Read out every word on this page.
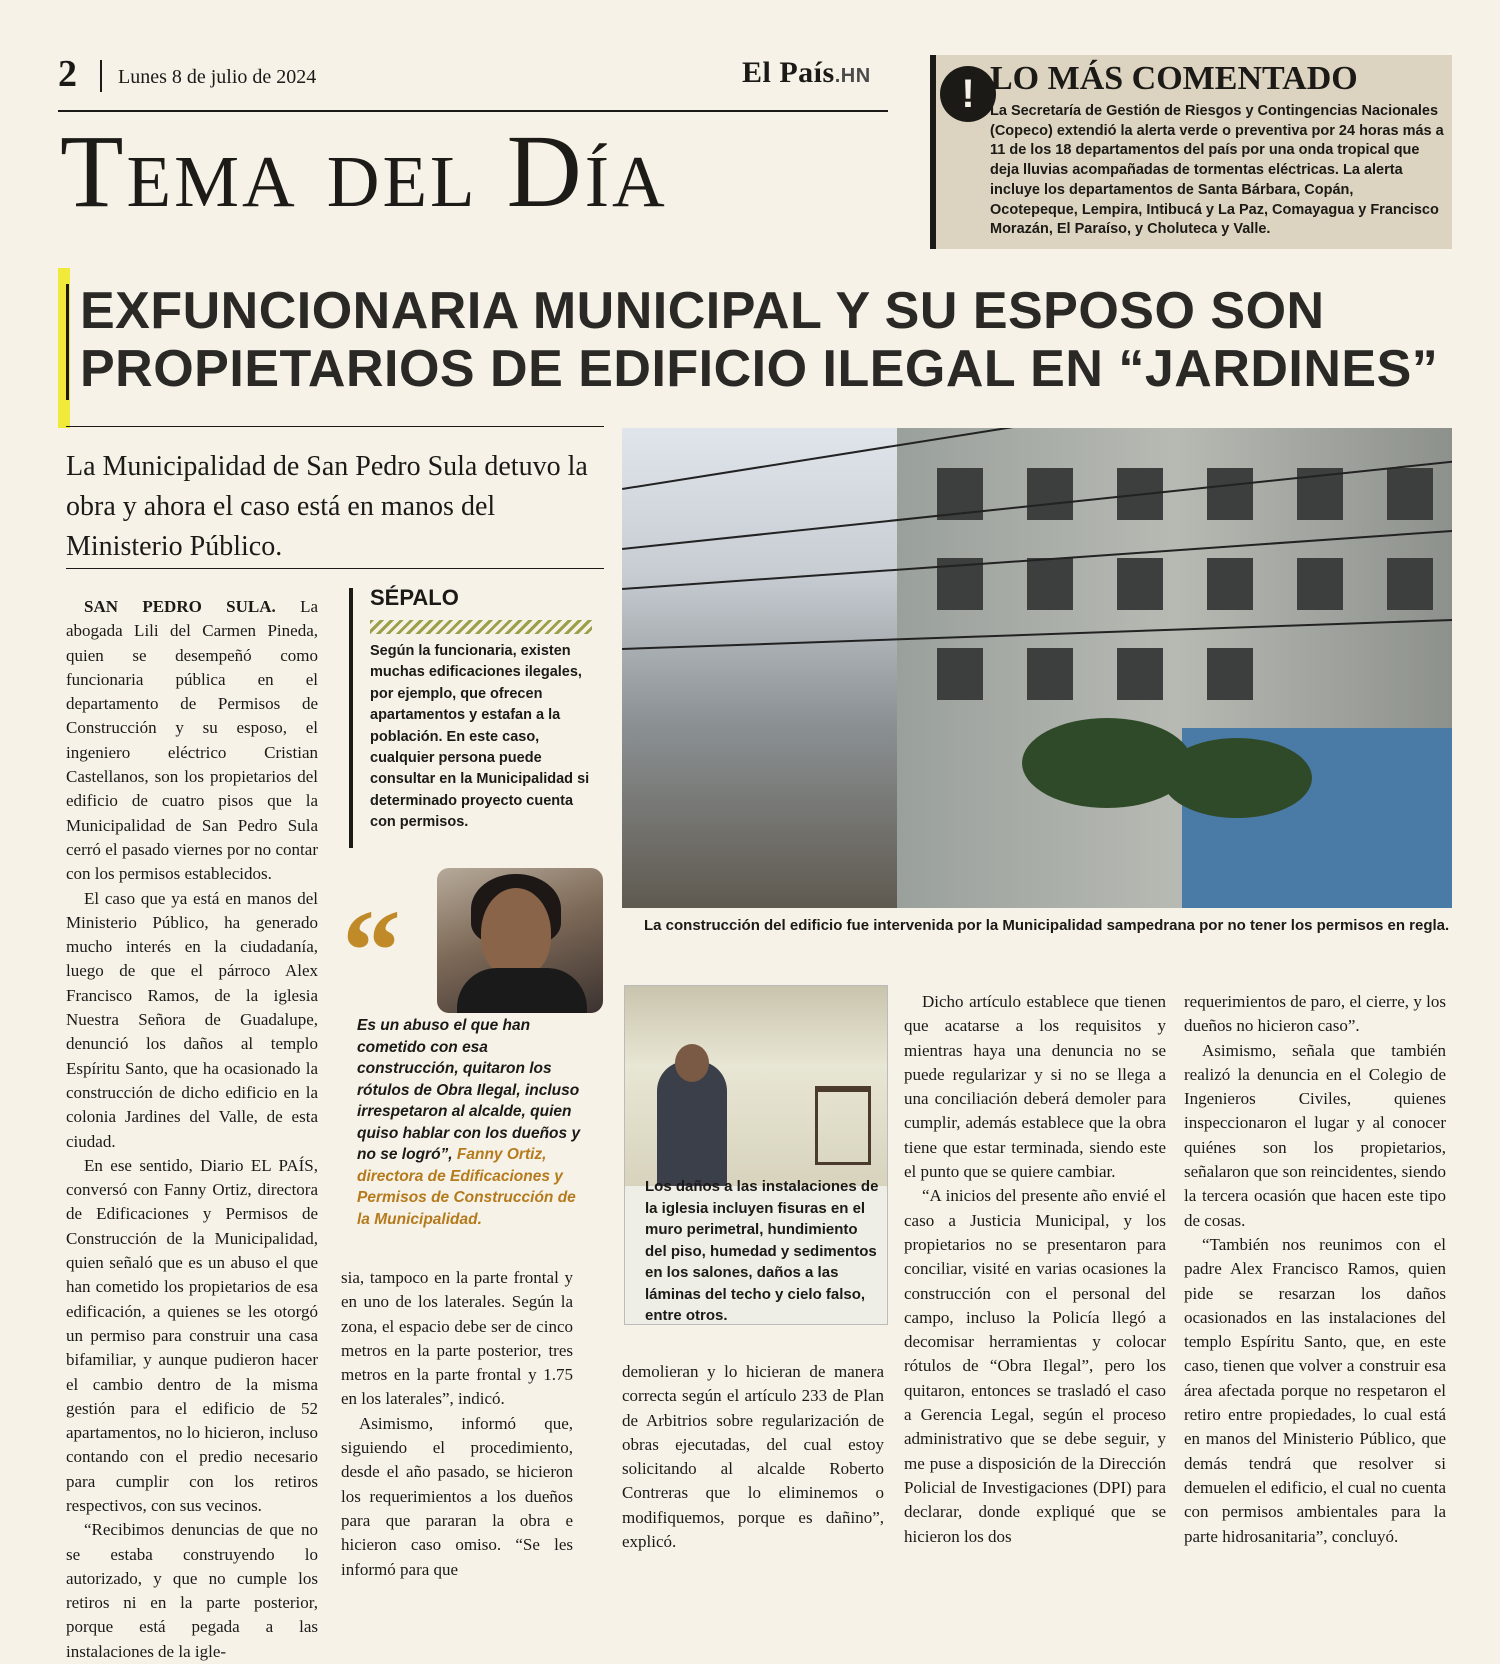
2 Lunes 8 de julio de 2024	El País.HN
Tema del Día
! LO MÁS COMENTADO
La Secretaría de Gestión de Riesgos y Contingencias Nacionales (Copeco) extendió la alerta verde o preventiva por 24 horas más a 11 de los 18 departamentos del país por una onda tropical que deja lluvias acompañadas de tormentas eléctricas. La alerta incluye los departamentos de Santa Bárbara, Copán, Ocotepeque, Lempira, Intibucá y La Paz, Comayagua y Francisco Morazán, El Paraíso, y Choluteca y Valle.
EXFUNCIONARIA MUNICIPAL Y SU ESPOSO SON
PROPIETARIOS DE EDIFICIO ILEGAL EN “JARDINES”
La Municipalidad de San Pedro Sula detuvo la obra y ahora el caso está en manos del Ministerio Público.

SAN PEDRO SULA. La abogada Lili del Carmen Pineda, quien se desempeñó como funcionaria pública en el departamento de Permisos de Construcción y su esposo, el ingeniero eléctrico Cristian Castellanos, son los propietarios del edificio de cuatro pisos que la Municipalidad de San Pedro Sula cerró el pasado viernes por no contar con los permisos establecidos.

El caso que ya está en manos del Ministerio Público, ha generado mucho interés en la ciudadanía, luego de que el párroco Alex Francisco Ramos, de la iglesia Nuestra Señora de Guadalupe, denunció los daños al templo Espíritu Santo, que ha ocasionado la construcción de dicho edificio en la colonia Jardines del Valle, de esta ciudad.

En ese sentido, Diario EL PAÍS, conversó con Fanny Ortiz, directora de Edificaciones y Permisos de Construcción de la Municipalidad, quien señaló que es un abuso el que han cometido los propietarios de esa edificación, a quienes se les otorgó un permiso para construir una casa bifamiliar, y aunque pudieron hacer el cambio dentro de la misma gestión para el edificio de 52 apartamentos, no lo hicieron, incluso contando con el predio necesario para cumplir con los retiros respectivos, con sus vecinos.

“Recibimos denuncias de que no se estaba construyendo lo autorizado, y que no cumple los retiros ni en la parte posterior, porque está pegada a las instalaciones de la igle-

SÉPALO
Según la funcionaria, existen muchas edificaciones ilegales, por ejemplo, que ofrecen apartamentos y estafan a la población. En este caso, cualquier persona puede consultar en la Municipalidad si determinado proyecto cuenta con permisos.
“
Es un abuso el que han cometido con esa construcción, quitaron los rótulos de Obra Ilegal, incluso irrespetaron al alcalde, quien quiso hablar con los dueños y no se logró”, Fanny Ortiz, directora de Edificaciones y Permisos de Construcción de la Municipalidad.

sia, tampoco en la parte frontal y en uno de los laterales. Según la zona, el espacio debe ser de cinco metros en la parte posterior, tres metros en la parte frontal y 1.75 en los laterales”, indicó.

Asimismo, informó que, siguiendo el procedimiento, desde el año pasado, se hicieron los requerimientos a los dueños para que pararan la obra e hicieron caso omiso. “Se les informó para que

La construcción del edificio fue intervenida por la Municipalidad sampedrana por no tener los permisos en regla.
Los daños a las instalaciones de la iglesia incluyen fisuras en el muro perimetral, hundimiento del piso, humedad y sedimentos en los salones, daños a las láminas del techo y cielo falso, entre otros.

demolieran y lo hicieran de manera correcta según el artículo 233 de Plan de Arbitrios sobre regularización de obras ejecutadas, del cual estoy solicitando al alcalde Roberto Contreras que lo eliminemos o modifiquemos, porque es dañino”, explicó.

Dicho artículo establece que tienen que acatarse a los requisitos y mientras haya una denuncia no se puede regularizar y si no se llega a una conciliación deberá demoler para cumplir, además establece que la obra tiene que estar terminada, siendo este el punto que se quiere cambiar.

“A inicios del presente año envié el caso a Justicia Municipal, y los propietarios no se presentaron para conciliar, visité en varias ocasiones la construcción con el personal del campo, incluso la Policía llegó a decomisar herramientas y colocar rótulos de “Obra Ilegal”, pero los quitaron, entonces se trasladó el caso a Gerencia Legal, según el proceso administrativo que se debe seguir, y me puse a disposición de la Dirección Policial de Investigaciones (DPI) para declarar, donde expliqué que se hicieron los dos

requerimientos de paro, el cierre, y los dueños no hicieron caso”.

Asimismo, señala que también realizó la denuncia en el Colegio de Ingenieros Civiles, quienes inspeccionaron el lugar y al conocer quiénes son los propietarios, señalaron que son reincidentes, siendo la tercera ocasión que hacen este tipo de cosas.

“También nos reunimos con el padre Alex Francisco Ramos, quien pide se resarzan los daños ocasionados en las instalaciones del templo Espíritu Santo, que, en este caso, tienen que volver a construir esa área afectada porque no respetaron el retiro entre propiedades, lo cual está en manos del Ministerio Público, que demás tendrá que resolver si demuelen el edificio, el cual no cuenta con permisos ambientales para la parte hidrosanitaria”, concluyó.
